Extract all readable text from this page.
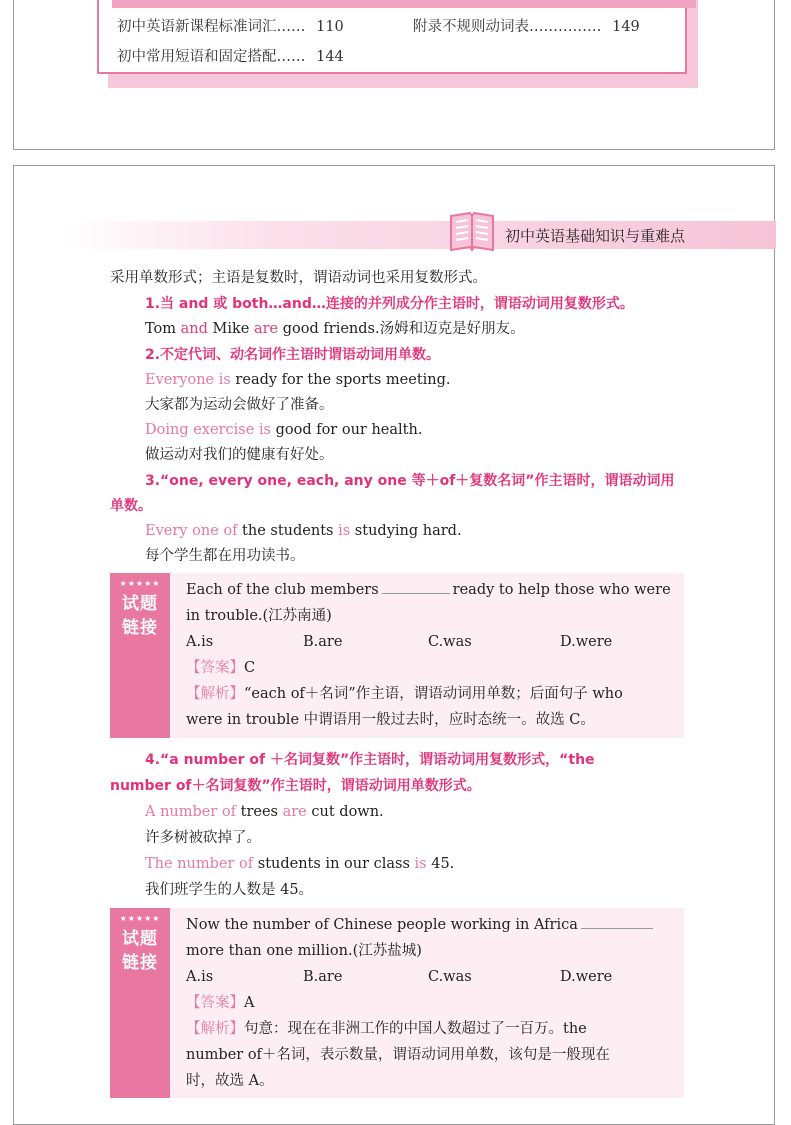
初中英语新课程标准词汇…… 110	附录不规则动词表…………… 149
初中常用短语和固定搭配…… 144
初中英语基础知识与重难点
采用单数形式；主语是复数时，谓语动词也采用复数形式。
1.当 and 或 both…and…连接的并列成分作主语时，谓语动词用复数形式。
Tom and Mike are good friends.汤姆和迈克是好朋友。
2.不定代词、动名词作主语时谓语动词用单数。
Everyone is ready for the sports meeting.
大家都为运动会做好了准备。
Doing exercise is good for our health.
做运动对我们的健康有好处。
3.“one, every one, each, any one 等＋of＋复数名词”作主语时，谓语动词用
单数。
Every one of the students is studying hard.
每个学生都在用功读书。
★★★★★
试题
链接
Each of the club members	ready to help those who were
in trouble.(江苏南通)
A.is	B.are	C.was	D.were
【答案】C
【解析】“each of＋名词”作主语，谓语动词用单数；后面句子 who
were in trouble 中谓语用一般过去时，应时态统一。故选 C。
4.“a number of ＋名词复数”作主语时，谓语动词用复数形式，“the
number of＋名词复数”作主语时，谓语动词用单数形式。
A number of trees are cut down.
许多树被砍掉了。
The number of students in our class is 45.
我们班学生的人数是 45。
★★★★★
试题
链接
Now the number of Chinese people working in Africa
more than one million.(江苏盐城)
A.is	B.are	C.was	D.were
【答案】A
【解析】句意：现在在非洲工作的中国人数超过了一百万。the
number of＋名词，表示数量，谓语动词用单数，该句是一般现在
时，故选 A。
